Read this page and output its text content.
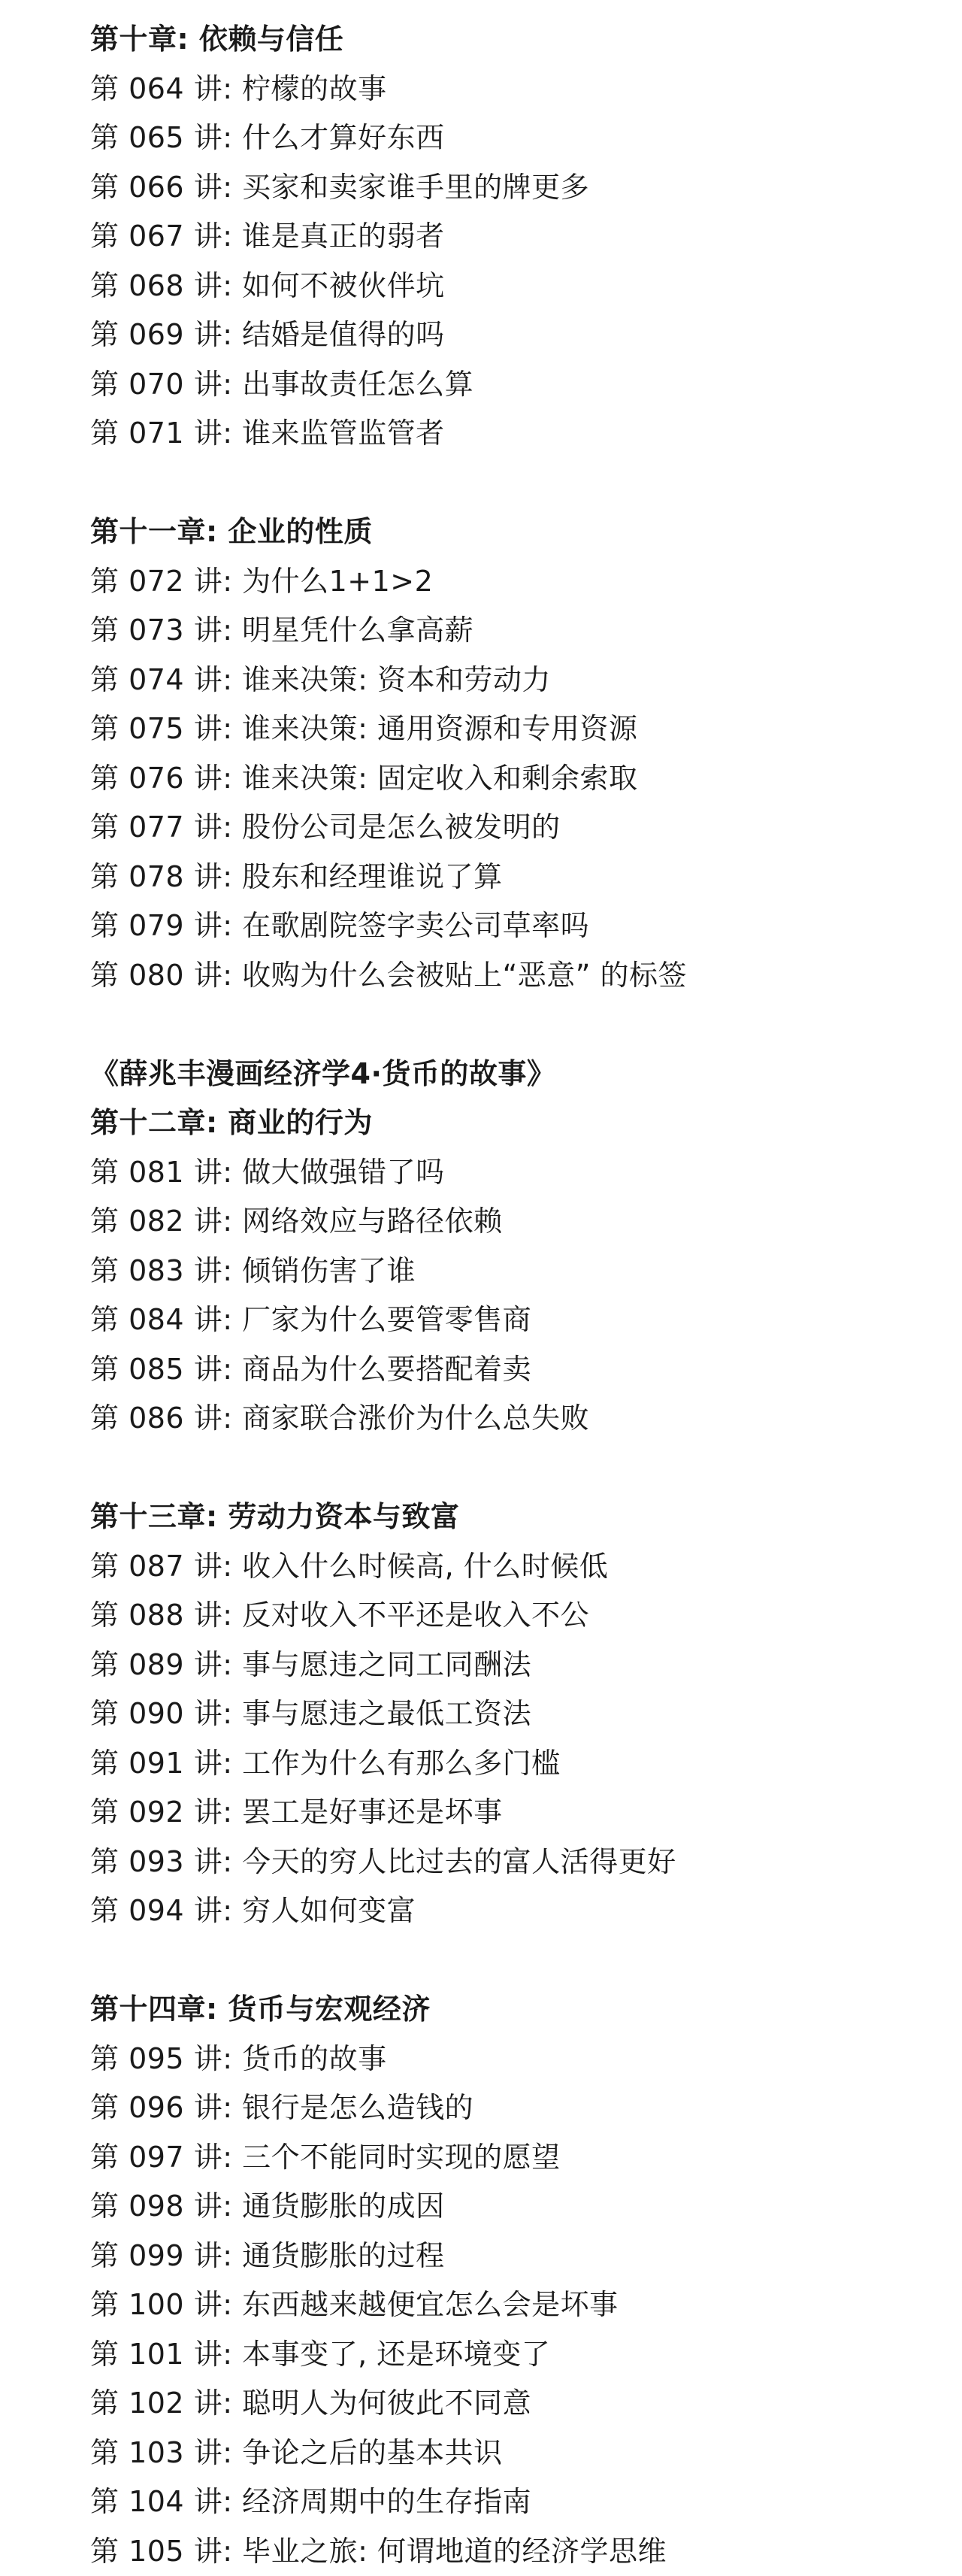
第十章: 依赖与信任
第 064 讲: 柠檬的故事
第 065 讲: 什么才算好东西
第 066 讲: 买家和卖家谁手里的牌更多
第 067 讲: 谁是真正的弱者
第 068 讲: 如何不被伙伴坑
第 069 讲: 结婚是值得的吗
第 070 讲: 出事故责任怎么算
第 071 讲: 谁来监管监管者
第十一章: 企业的性质
第 072 讲: 为什么1+1>2
第 073 讲: 明星凭什么拿高薪
第 074 讲: 谁来决策: 资本和劳动力
第 075 讲: 谁来决策: 通用资源和专用资源
第 076 讲: 谁来决策: 固定收入和剩余索取
第 077 讲: 股份公司是怎么被发明的
第 078 讲: 股东和经理谁说了算
第 079 讲: 在歌剧院签字卖公司草率吗
第 080 讲: 收购为什么会被贴上“恶意” 的标签
《薛兆丰漫画经济学4·货币的故事》
第十二章: 商业的行为
第 081 讲: 做大做强错了吗
第 082 讲: 网络效应与路径依赖
第 083 讲: 倾销伤害了谁
第 084 讲: 厂家为什么要管零售商
第 085 讲: 商品为什么要搭配着卖
第 086 讲: 商家联合涨价为什么总失败
第十三章: 劳动力资本与致富
第 087 讲: 收入什么时候高, 什么时候低
第 088 讲: 反对收入不平还是收入不公
第 089 讲: 事与愿违之同工同酬法
第 090 讲: 事与愿违之最低工资法
第 091 讲: 工作为什么有那么多门槛
第 092 讲: 罢工是好事还是坏事
第 093 讲: 今天的穷人比过去的富人活得更好
第 094 讲: 穷人如何变富
第十四章: 货币与宏观经济
第 095 讲: 货币的故事
第 096 讲: 银行是怎么造钱的
第 097 讲: 三个不能同时实现的愿望
第 098 讲: 通货膨胀的成因
第 099 讲: 通货膨胀的过程
第 100 讲: 东西越来越便宜怎么会是坏事
第 101 讲: 本事变了, 还是环境变了
第 102 讲: 聪明人为何彼此不同意
第 103 讲: 争论之后的基本共识
第 104 讲: 经济周期中的生存指南
第 105 讲: 毕业之旅: 何谓地道的经济学思维
